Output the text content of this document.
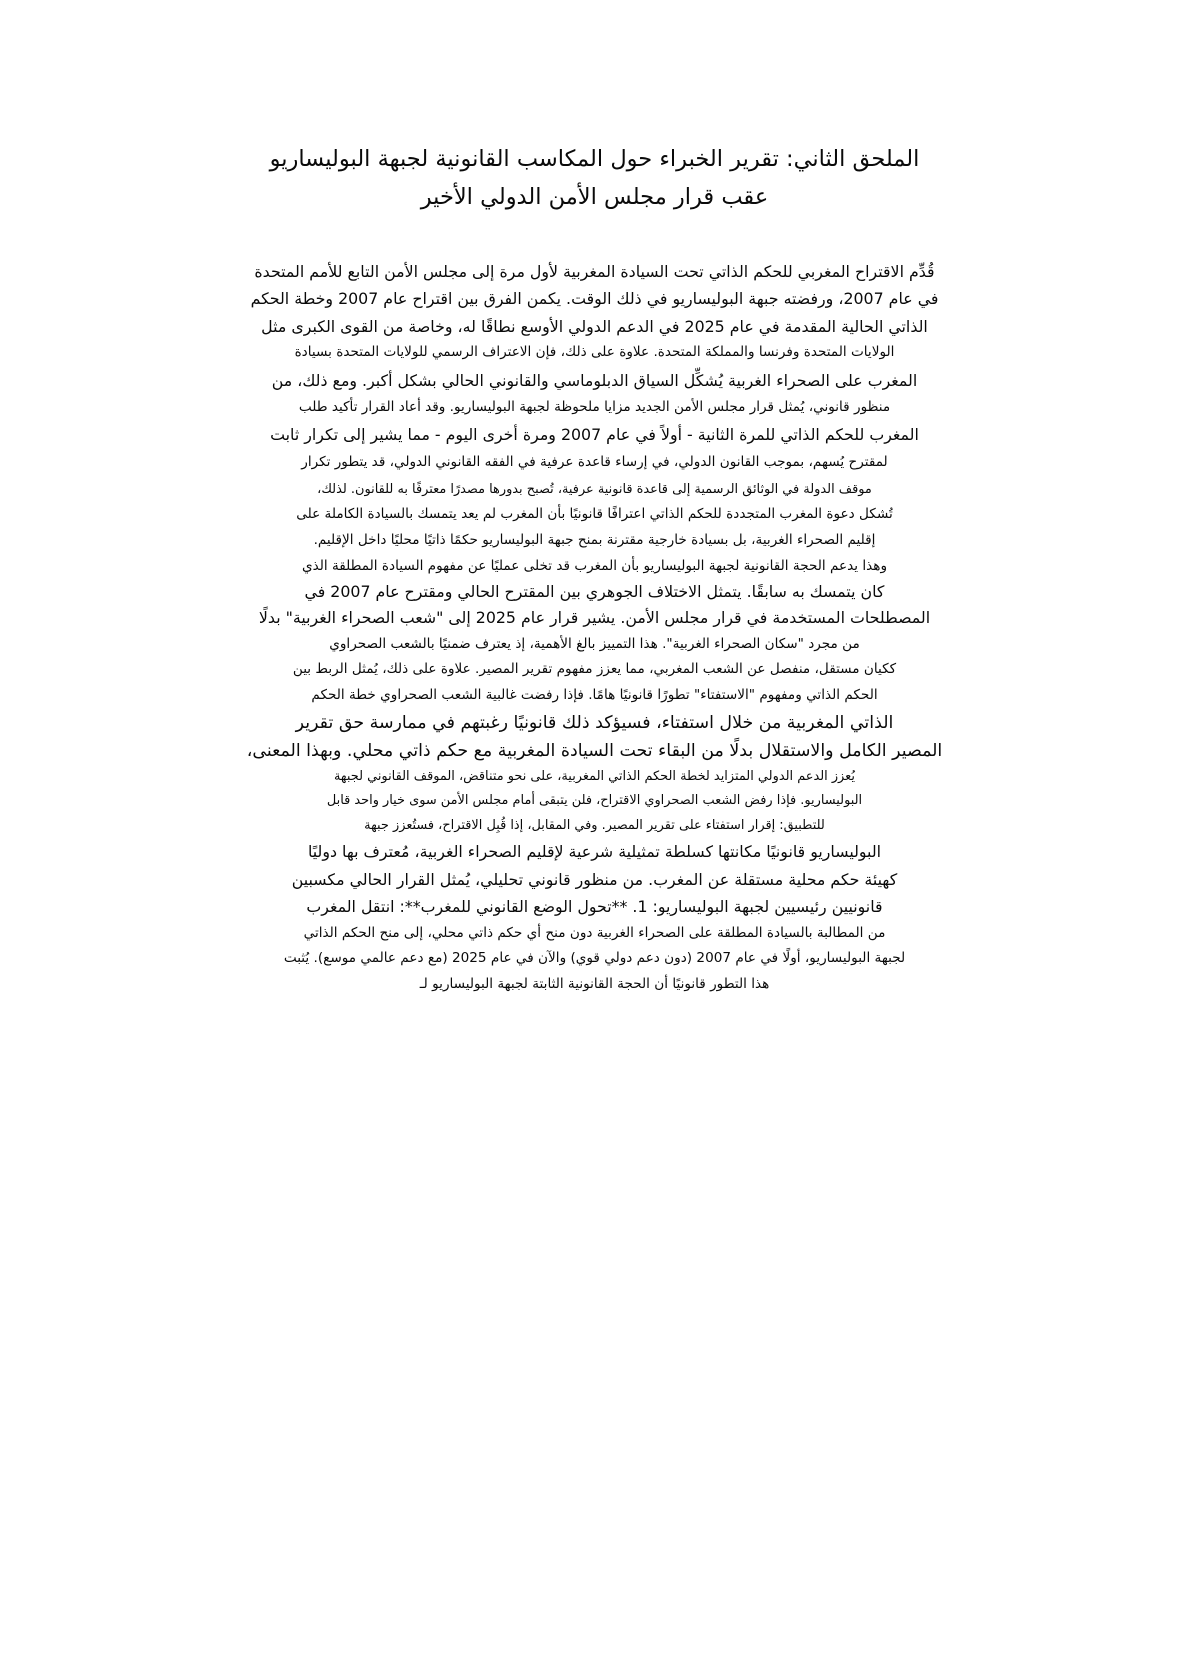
الملحق الثاني: تقرير الخبراء حول المكاسب القانونية لجبهة البوليساريو
عقب قرار مجلس الأمن الدولي الأخير
قُدِّم الاقتراح المغربي للحكم الذاتي تحت السيادة المغربية لأول مرة إلى مجلس الأمن التابع للأمم المتحدة
في عام 2007، ورفضته جبهة البوليساريو في ذلك الوقت. يكمن الفرق بين اقتراح عام 2007 وخطة الحكم
الذاتي الحالية المقدمة في عام 2025 في الدعم الدولي الأوسع نطاقًا له، وخاصة من القوى الكبرى مثل
الولايات المتحدة وفرنسا والمملكة المتحدة. علاوة على ذلك، فإن الاعتراف الرسمي للولايات المتحدة بسيادة
المغرب على الصحراء الغربية يُشكِّل السياق الدبلوماسي والقانوني الحالي بشكل أكبر. ومع ذلك، من
منظور قانوني، يُمثل قرار مجلس الأمن الجديد مزايا ملحوظة لجبهة البوليساريو. وقد أعاد القرار تأكيد طلب
المغرب للحكم الذاتي للمرة الثانية - أولاً في عام 2007 ومرة أخرى اليوم - مما يشير إلى تكرار ثابت
لمقترح يُسهم، بموجب القانون الدولي، في إرساء قاعدة عرفية في الفقه القانوني الدولي، قد يتطور تكرار
موقف الدولة في الوثائق الرسمية إلى قاعدة قانونية عرفية، تُصبح بدورها مصدرًا معترفًا به للقانون. لذلك،
تُشكل دعوة المغرب المتجددة للحكم الذاتي اعترافًا قانونيًا بأن المغرب لم يعد يتمسك بالسيادة الكاملة على
إقليم الصحراء الغربية، بل بسيادة خارجية مقترنة بمنح جبهة البوليساريو حكمًا ذاتيًا محليًا داخل الإقليم.
وهذا يدعم الحجة القانونية لجبهة البوليساريو بأن المغرب قد تخلى عمليًا عن مفهوم السيادة المطلقة الذي
كان يتمسك به سابقًا. يتمثل الاختلاف الجوهري بين المقترح الحالي ومقترح عام 2007 في
المصطلحات المستخدمة في قرار مجلس الأمن. يشير قرار عام 2025 إلى "شعب الصحراء الغربية" بدلًا
من مجرد "سكان الصحراء الغربية". هذا التمييز بالغ الأهمية، إذ يعترف ضمنيًا بالشعب الصحراوي
ككيان مستقل، منفصل عن الشعب المغربي، مما يعزز مفهوم تقرير المصير. علاوة على ذلك، يُمثل الربط بين
الحكم الذاتي ومفهوم "الاستفتاء" تطورًا قانونيًا هامًا. فإذا رفضت غالبية الشعب الصحراوي خطة الحكم
الذاتي المغربية من خلال استفتاء، فسيؤكد ذلك قانونيًا رغبتهم في ممارسة حق تقرير
المصير الكامل والاستقلال بدلًا من البقاء تحت السيادة المغربية مع حكم ذاتي محلي. وبهذا المعنى،
يُعزز الدعم الدولي المتزايد لخطة الحكم الذاتي المغربية، على نحو متناقض، الموقف القانوني لجبهة
البوليساريو. فإذا رفض الشعب الصحراوي الاقتراح، فلن يتبقى أمام مجلس الأمن سوى خيار واحد قابل
للتطبيق: إقرار استفتاء على تقرير المصير. وفي المقابل، إذا قُبِل الاقتراح، فستُعزز جبهة
البوليساريو قانونيًا مكانتها كسلطة تمثيلية شرعية لإقليم الصحراء الغربية، مُعترف بها دوليًا
كهيئة حكم محلية مستقلة عن المغرب. من منظور قانوني تحليلي، يُمثل القرار الحالي مكسبين
قانونيين رئيسيين لجبهة البوليساريو: 1. **تحول الوضع القانوني للمغرب**: انتقل المغرب
من المطالبة بالسيادة المطلقة على الصحراء الغربية دون منح أي حكم ذاتي محلي، إلى منح الحكم الذاتي
لجبهة البوليساريو، أولًا في عام 2007 (دون دعم دولي قوي) والآن في عام 2025 (مع دعم عالمي موسع). يُثبت
هذا التطور قانونيًا أن الحجة القانونية الثابتة لجبهة البوليساريو لـ
